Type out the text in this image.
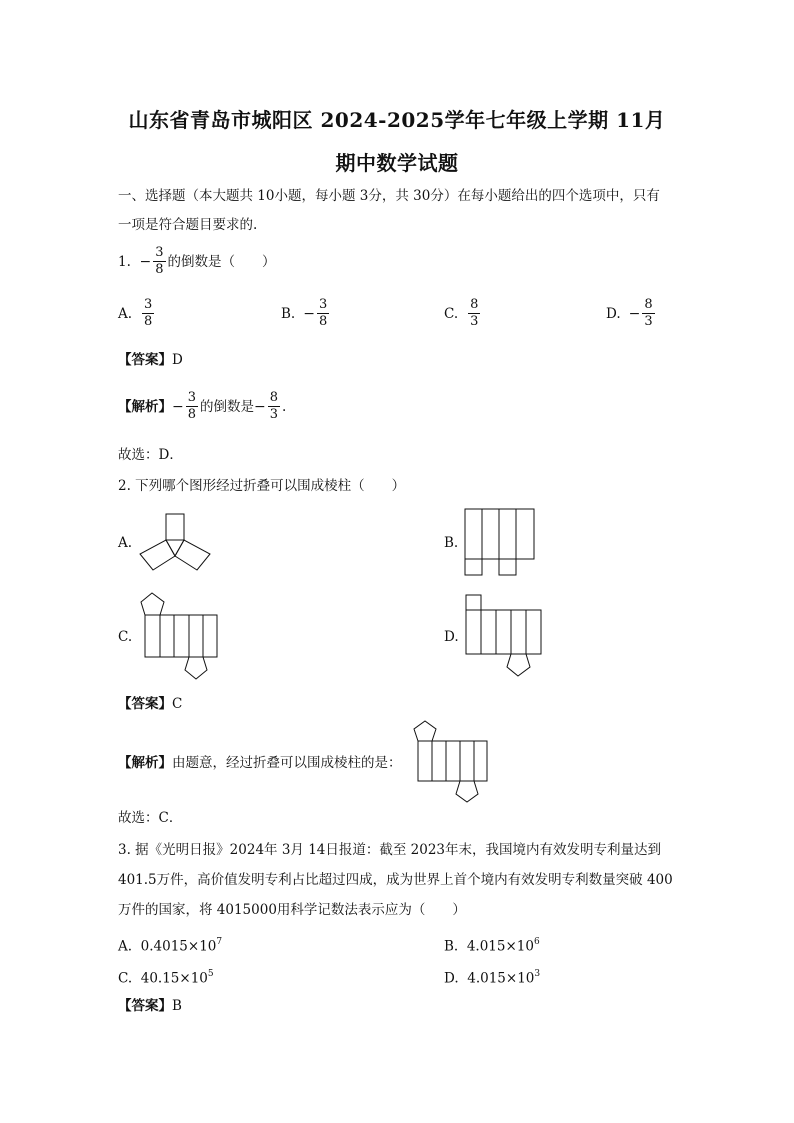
山东省青岛市城阳区 2024-2025学年七年级上学期 11月
期中数学试题
一、选择题（本大题共 10小题，每小题 3分，共 30分）在每小题给出的四个选项中，只有
一项是符合题目要求的.
1.
− $\frac{3}{8}$ 的倒数是（　　）
A. $\frac{3}{8}$	B. − $\frac{3}{8}$	C. $\frac{8}{3}$	D. − $\frac{8}{3}$
【答案】D
【解析】 − $\frac{3}{8}$ 的倒数是 − $\frac{8}{3}$ .
故选：D．
2. 下列哪个图形经过折叠可以围成棱柱（　　）
A.	B.
C.	D.
【答案】C
【解析】由题意，经过折叠可以围成棱柱的是：
故选：C．
3. 据《光明日报》2024年 3月 14日报道：截至 2023年末，我国境内有效发明专利量达到
401.5万件，高价值发明专利占比超过四成，成为世界上首个境内有效发明专利数量突破 400
万件的国家，将 4015000用科学记数法表示应为（　　）
A. $0.4015\times 10^7$	B. $4.015\times 10^6$
C. $40.15\times 10^5$	D. $4.015\times 10^3$
【答案】B
